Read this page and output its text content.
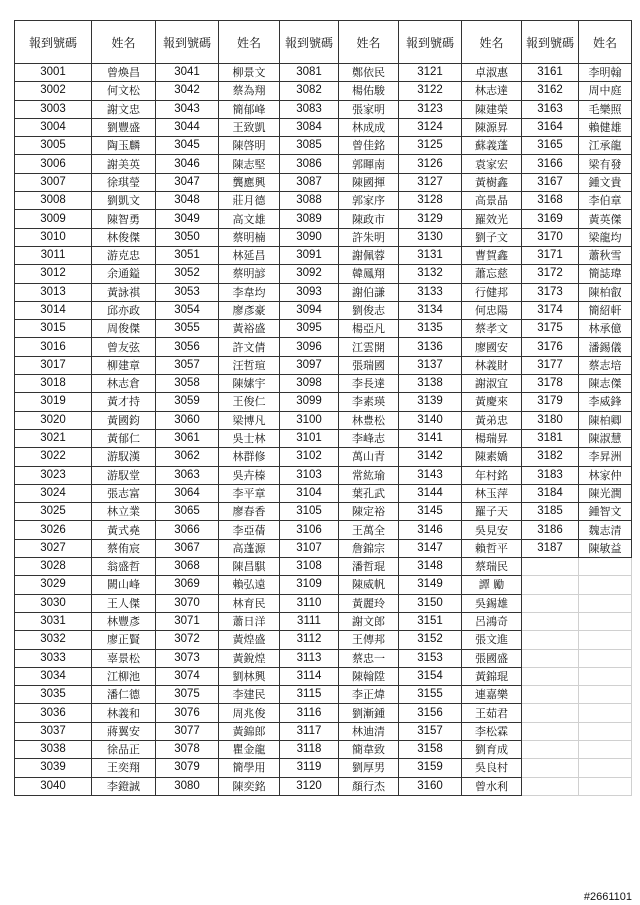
報到號碼	姓名	報到號碼	姓名	報到號碼	姓名	報到號碼	姓名	報到號碼	姓名
3001	曾煥昌	3041	柳景文	3081	鄭依民	3121	卓淑惠	3161	李明翰
3002	何文松	3042	蔡為翔	3082	楊佑駿	3122	林志達	3162	周中庭
3003	謝文忠	3043	簡郁峰	3083	張家明	3123	陳建榮	3163	毛樂照
3004	劉豐盛	3044	王致凱	3084	林成成	3124	陳源昇	3164	賴健雄
3005	陶玉麟	3045	陳啓明	3085	曾佳銘	3125	蘇義蓬	3165	江承龍
3006	謝美英	3046	陳志堅	3086	郭暉南	3126	袁家宏	3166	梁有發
3007	徐琪瑩	3047	龔應興	3087	陳國揮	3127	黃樹鑫	3167	鍾文貴
3008	劉凱文	3048	莊月德	3088	郭家序	3128	高景晶	3168	李伯章
3009	陳智勇	3049	高文雄	3089	陳政市	3129	羅效光	3169	黃英傑
3010	林俊傑	3050	蔡明楠	3090	許朱明	3130	劉子文	3170	梁龍均
3011	游克忠	3051	林延昌	3091	謝佩蓉	3131	曹賀鑫	3171	蕭秋雪
3012	余通鎰	3052	蔡明諺	3092	韓鳳翔	3132	蕭忘慈	3172	簡誌瑋
3013	黃詠祺	3053	李韋均	3093	謝伯謙	3133	行健邦	3173	陳柏叡
3014	邱亦政	3054	廖彥豪	3094	劉俊志	3134	何忠陽	3174	簡紹軒
3015	周俊傑	3055	黃裕盛	3095	楊亞凡	3135	蔡孝文	3175	林承億
3016	曾友弦	3056	許文倩	3096	江雲開	3136	廖國安	3176	潘錫儀
3017	柳建章	3057	汪哲瑄	3097	張瑞國	3137	林義財	3177	蔡志培
3018	林志倉	3058	陳嫊宇	3098	李長達	3138	謝淑宜	3178	陳志傑
3019	黃才持	3059	王俊仁	3099	李素瑛	3139	黃慶來	3179	李威鋒
3020	黃國鈞	3060	梁博凡	3100	林豊松	3140	黃弟忠	3180	陳柏卿
3021	黃郁仁	3061	吳士林	3101	李峰志	3141	楊瑞昇	3181	陳淑慧
3022	游馭漢	3062	林群修	3102	萬山青	3142	陳素嬌	3182	李昇洲
3023	游馭堂	3063	吳卉榛	3103	常紘瑜	3143	年村銘	3183	林家仲
3024	張志富	3064	李平章	3104	葉孔武	3144	林玉萍	3184	陳光潤
3025	林立業	3065	廖春香	3105	陳定裕	3145	羅子天	3185	鍾智文
3026	黃式堯	3066	李亞蒨	3106	王萬全	3146	吳見安	3186	魏志清
3027	蔡侑宸	3067	高蓬源	3107	詹錦宗	3147	賴哲平	3187	陳敏益
3028	翁盛哲	3068	陳昌騏	3108	潘哲琨	3148	蔡瑞民		
3029	闕山峰	3069	賴弘遠	3109	陳威帆	3149	譚 勵		
3030	王人傑	3070	林育民	3110	黃麗玲	3150	吳錫雄		
3031	林豐彥	3071	蕭日洋	3111	謝文郎	3151	呂鴻奇		
3032	廖正賢	3072	黃煌盛	3112	王傳邦	3152	張文進		
3033	辜景松	3073	黃銳煌	3113	蔡忠一	3153	張國盛		
3034	江柳池	3074	劉林興	3114	陳翰陞	3154	黃錦琨		
3035	潘仁德	3075	李建民	3115	李正煒	3155	連嘉樂		
3036	林義和	3076	周兆俊	3116	劉漸鍾	3156	王茹君		
3037	蔣翼安	3077	黃錦郎	3117	林迪清	3157	李松霖		
3038	徐品正	3078	瞿金龍	3118	簡韋致	3158	劉育成		
3039	王奕翔	3079	簡學用	3119	劉厚男	3159	吳良村		
3040	李鐙誠	3080	陳奕銘	3120	顏行杰	3160	曾水利		
#2661101
